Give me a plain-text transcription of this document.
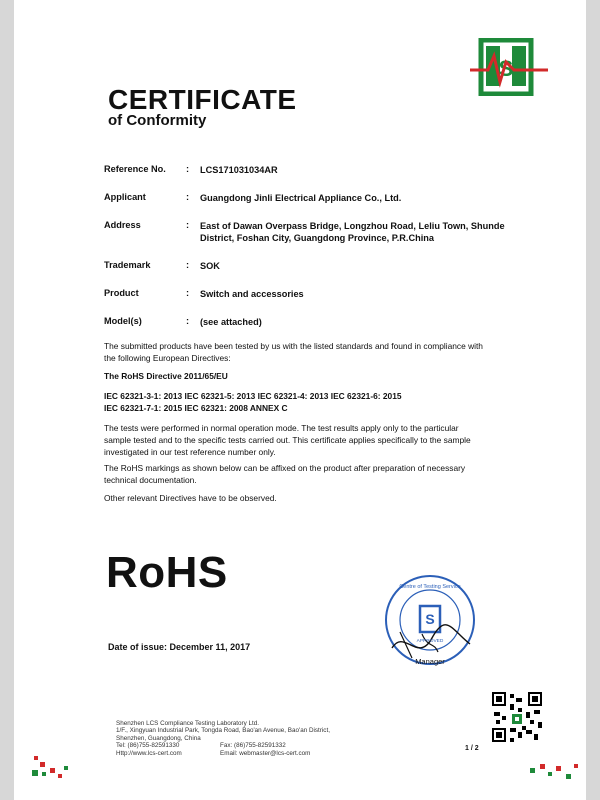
S
CERTIFICATE
of Conformity
Reference No. : LCS171031034AR
Applicant	: Guangdong Jinli Electrical Appliance Co., Ltd.
Address	: East of Dawan Overpass Bridge, Longzhou Road, Leliu Town, Shunde District, Foshan City, Guangdong Province, P.R.China
Trademark	: SOK
Product	: Switch and accessories
Model(s)	: (see attached)
The submitted products have been tested by us with the listed standards and found in compliance with the following European Directives:
The RoHS Directive 2011/65/EU
IEC 62321-3-1: 2013 IEC 62321-5: 2013 IEC 62321-4: 2013 IEC 62321-6: 2015
IEC 62321-7-1: 2015 IEC 62321: 2008 ANNEX C
The tests were performed in normal operation mode. The test results apply only to the particular sample tested and to the specific tests carried out. This certificate applies specifically to the sample investigated in our test reference number only.
The RoHS markings as shown below can be affixed on the product after preparation of necessary technical documentation.
Other relevant Directives have to be observed.
RoHS
S
Manager
Centre of Testing Service
APPROVED
Date of issue: December 11, 2017
Shenzhen LCS Compliance Testing Laboratory Ltd.
1/F., Xingyuan Industrial Park, Tongda Road, Bao'an Avenue, Bao'an District,
Shenzhen, Guangdong, China
Tel: (86)755-82591330	Fax: (86)755-82591332
Http://www.lcs-cert.com	Email: webmaster@lcs-cert.com
1 / 2
